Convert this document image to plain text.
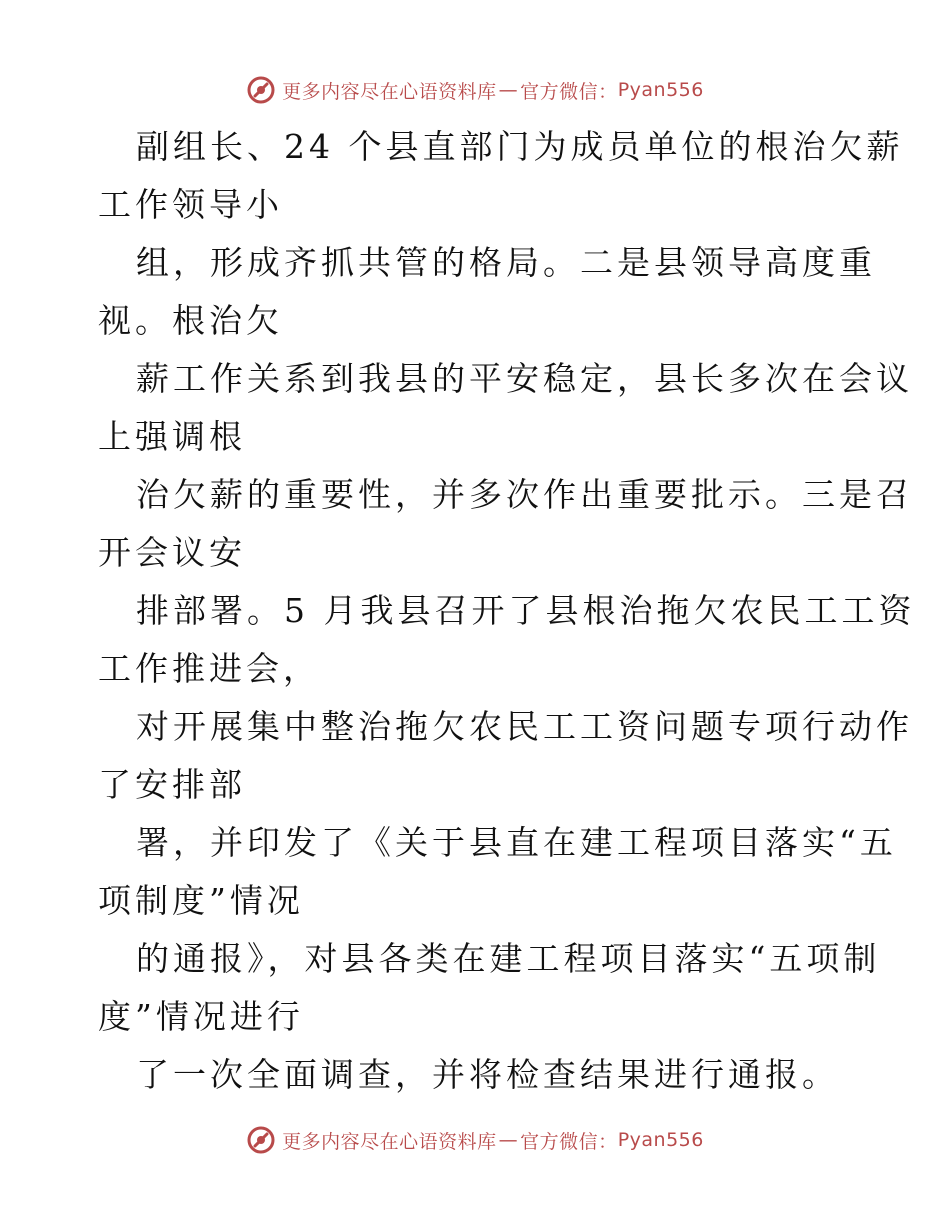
更多内容尽在心语资料库 — 官方微信： Pyan556

副组长、24 个县直部门为成员单位的根治欠薪

工作领导小

组，形成齐抓共管的格局。二是县领导高度重

视。根治欠

薪工作关系到我县的平安稳定，县长多次在会议

上强调根

治欠薪的重要性，并多次作出重要批示。三是召

开会议安

排部署。5 月我县召开了县根治拖欠农民工工资

工作推进会，

对开展集中整治拖欠农民工工资问题专项行动作

了安排部

署，并印发了《关于县直在建工程项目落实“五

项制度”情况

的通报》，对县各类在建工程项目落实“五项制

度”情况进行

了一次全面调查，并将检查结果进行通报。

更多内容尽在心语资料库 — 官方微信： Pyan556
